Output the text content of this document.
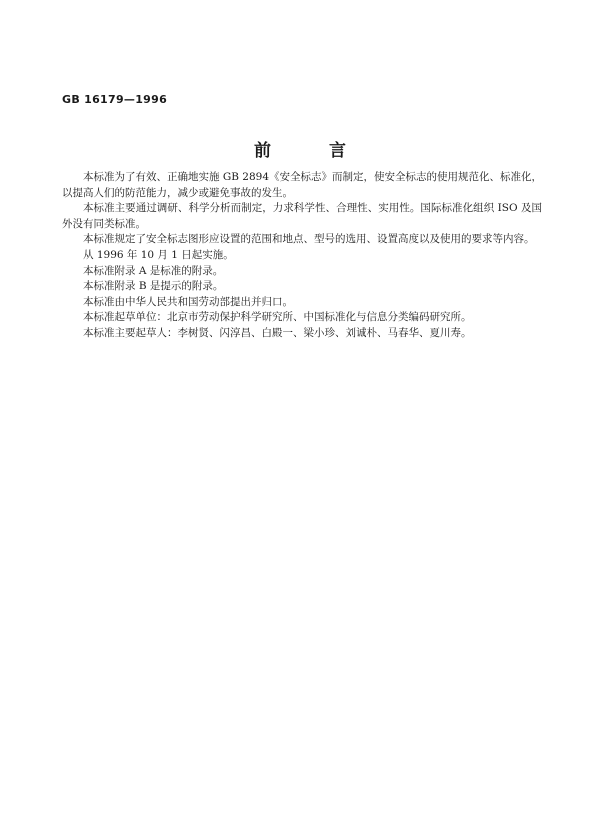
GB 16179—1996
前 言

本标准为了有效、正确地实施 GB 2894《安全标志》而制定，使安全标志的使用规范化、标准化，以提高人们的防范能力，减少或避免事故的发生。

本标准主要通过调研、科学分析而制定，力求科学性、合理性、实用性。国际标准化组织 ISO 及国外没有同类标准。

本标准规定了安全标志图形应设置的范围和地点、型号的选用、设置高度以及使用的要求等内容。

从 1996 年 10 月 1 日起实施。

本标准附录 A 是标准的附录。

本标准附录 B 是提示的附录。

本标准由中华人民共和国劳动部提出并归口。

本标准起草单位：北京市劳动保护科学研究所、中国标准化与信息分类编码研究所。

本标准主要起草人：李树贤、闪淳昌、白殿一、梁小珍、刘诚朴、马春华、夏川寿。
